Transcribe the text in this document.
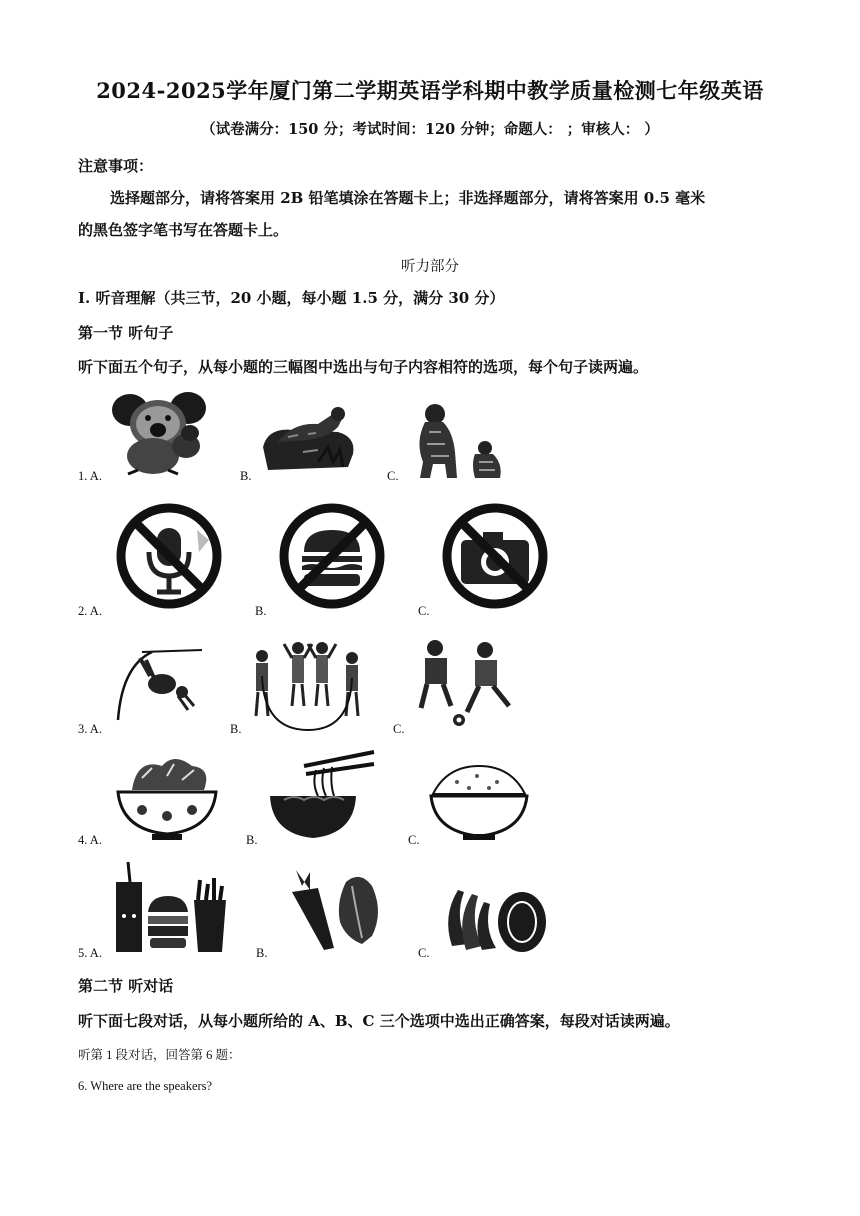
2024-2025学年厦门第二学期英语学科期中教学质量检测七年级英语
（试卷满分：150 分；考试时间：120 分钟；命题人： ；审核人： ）
注意事项：
选择题部分，请将答案用 2B 铅笔填涂在答题卡上；非选择题部分，请将答案用 0.5 毫米
的黑色签字笔书写在答题卡上。
听力部分
Ⅰ. 听音理解（共三节，20 小题，每小题 1.5 分，满分 30 分）
第一节 听句子
听下面五个句子，从每小题的三幅图中选出与句子内容相符的选项，每个句子读两遍。
1. A.	B.	C.
2. A.	B.	C.
3. A.	B.	C.
4. A.	B.	C.
5. A.	B.	C.
第二节 听对话
听下面七段对话，从每小题所给的 A、B、C 三个选项中选出正确答案，每段对话读两遍。
听第 1 段对话，回答第 6 题：
6. Where are the speakers?
